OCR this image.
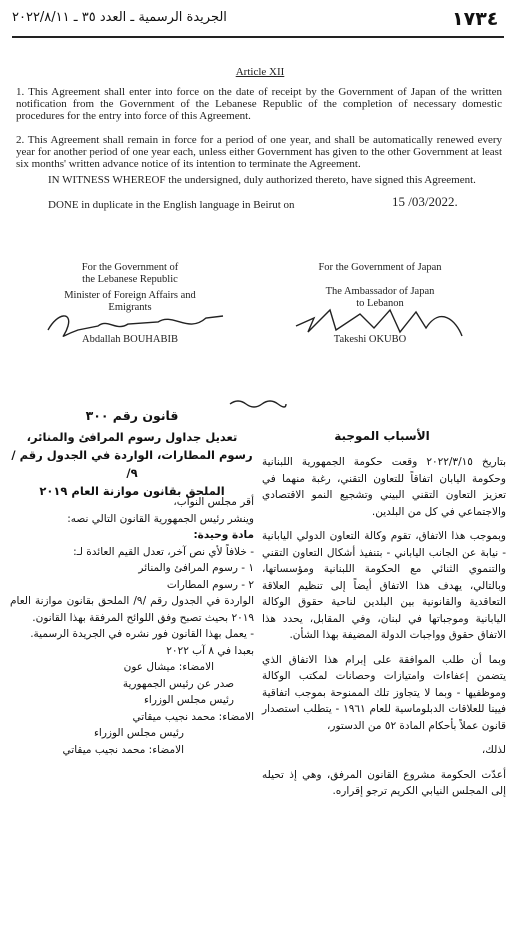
١٧٣٤
الجريدة الرسمية ـ العدد ٣٥ ـ ٢٠٢٢/٨/١١
Article XII
1. This Agreement shall enter into force on the date of receipt by the Government of Japan of the written notification from the Government of the Lebanese Republic of the completion of necessary domestic procedures for the entry into force of this Agreement.
2. This Agreement shall remain in force for a period of one year, and shall be automatically renewed every year for another period of one year each, unless either Government has given to the other Government at least six months' written advance notice of its intention to terminate the Agreement.
IN WITNESS WHEREOF the undersigned, duly authorized thereto, have signed this Agreement.
DONE in duplicate in the English language in Beirut on	15 /03/2022.
For the Government of
the Lebanese Republic
Minister of Foreign Affairs and
Emigrants
Abdallah BOUHABIB
For the Government of Japan
The Ambassador of Japan
to Lebanon
Takeshi OKUBO
الأسباب الموجبة

بتاريخ ٢٠٢٢/٣/١٥ وقعت حكومة الجمهورية اللبنانية وحكومة اليابان اتفاقاً للتعاون التقني، رغبة منهما في تعزيز التعاون التقني البيني وتشجيع النمو الاقتصادي والاجتماعي في كل من البلدين.

وبموجب هذا الاتفاق، تقوم وكالة التعاون الدولي اليابانية - نيابة عن الجانب الياباني - بتنفيذ أشكال التعاون التقني والتنموي الثنائي مع الحكومة اللبنانية ومؤسساتها، وبالتالي، يهدف هذا الاتفاق أيضاً إلى تنظيم العلاقة التعاقدية والقانونية بين البلدين لناحية حقوق الوكالة اليابانية وموجباتها في لبنان، وفي المقابل، يحدد هذا الاتفاق حقوق وواجبات الدولة المضيفة بهذا الشأن.

وبما أن طلب الموافقة على إبرام هذا الاتفاق الذي يتضمن إعفاءات وامتيازات وحصانات لمكتب الوكالة وموظفيها - وبما لا يتجاوز تلك الممنوحة بموجب اتفاقية فيينا للعلاقات الدبلوماسية للعام ١٩٦١ - يتطلب استصدار قانون عملاً بأحكام المادة ٥٢ من الدستور،

لذلك،

أعدّت الحكومة مشروع القانون المرفق، وهي إذ تحيله إلى المجلس النيابي الكريم ترجو إقراره.

قانون رقم ٣٠٠
تعديل جداول رسوم المرافئ والمنائر،
رسوم المطارات، الواردة في الجدول رقم /٩/
الملحق بقانون موازنة العام ٢٠١٩

أقر مجلس النواب،

وينشر رئيس الجمهورية القانون التالي نصه:

مادة وحيدة:

- خلافاً لأي نص آخر، تعدل القيم العائدة لـ:

١ - رسوم المرافئ والمنائر

٢ - رسوم المطارات

الواردة في الجدول رقم /٩/ الملحق بقانون موازنة العام ٢٠١٩ بحيث تصبح وفق اللوائح المرفقة بهذا القانون.

- يعمل بهذا القانون فور نشره في الجريدة الرسمية.

بعبدا في ٨ آب ٢٠٢٢

الامضاء: ميشال عون

صدر عن رئيس الجمهورية

رئيس مجلس الوزراء

الامضاء: محمد نجيب ميقاتي

رئيس مجلس الوزراء

الامضاء: محمد نجيب ميقاتي
